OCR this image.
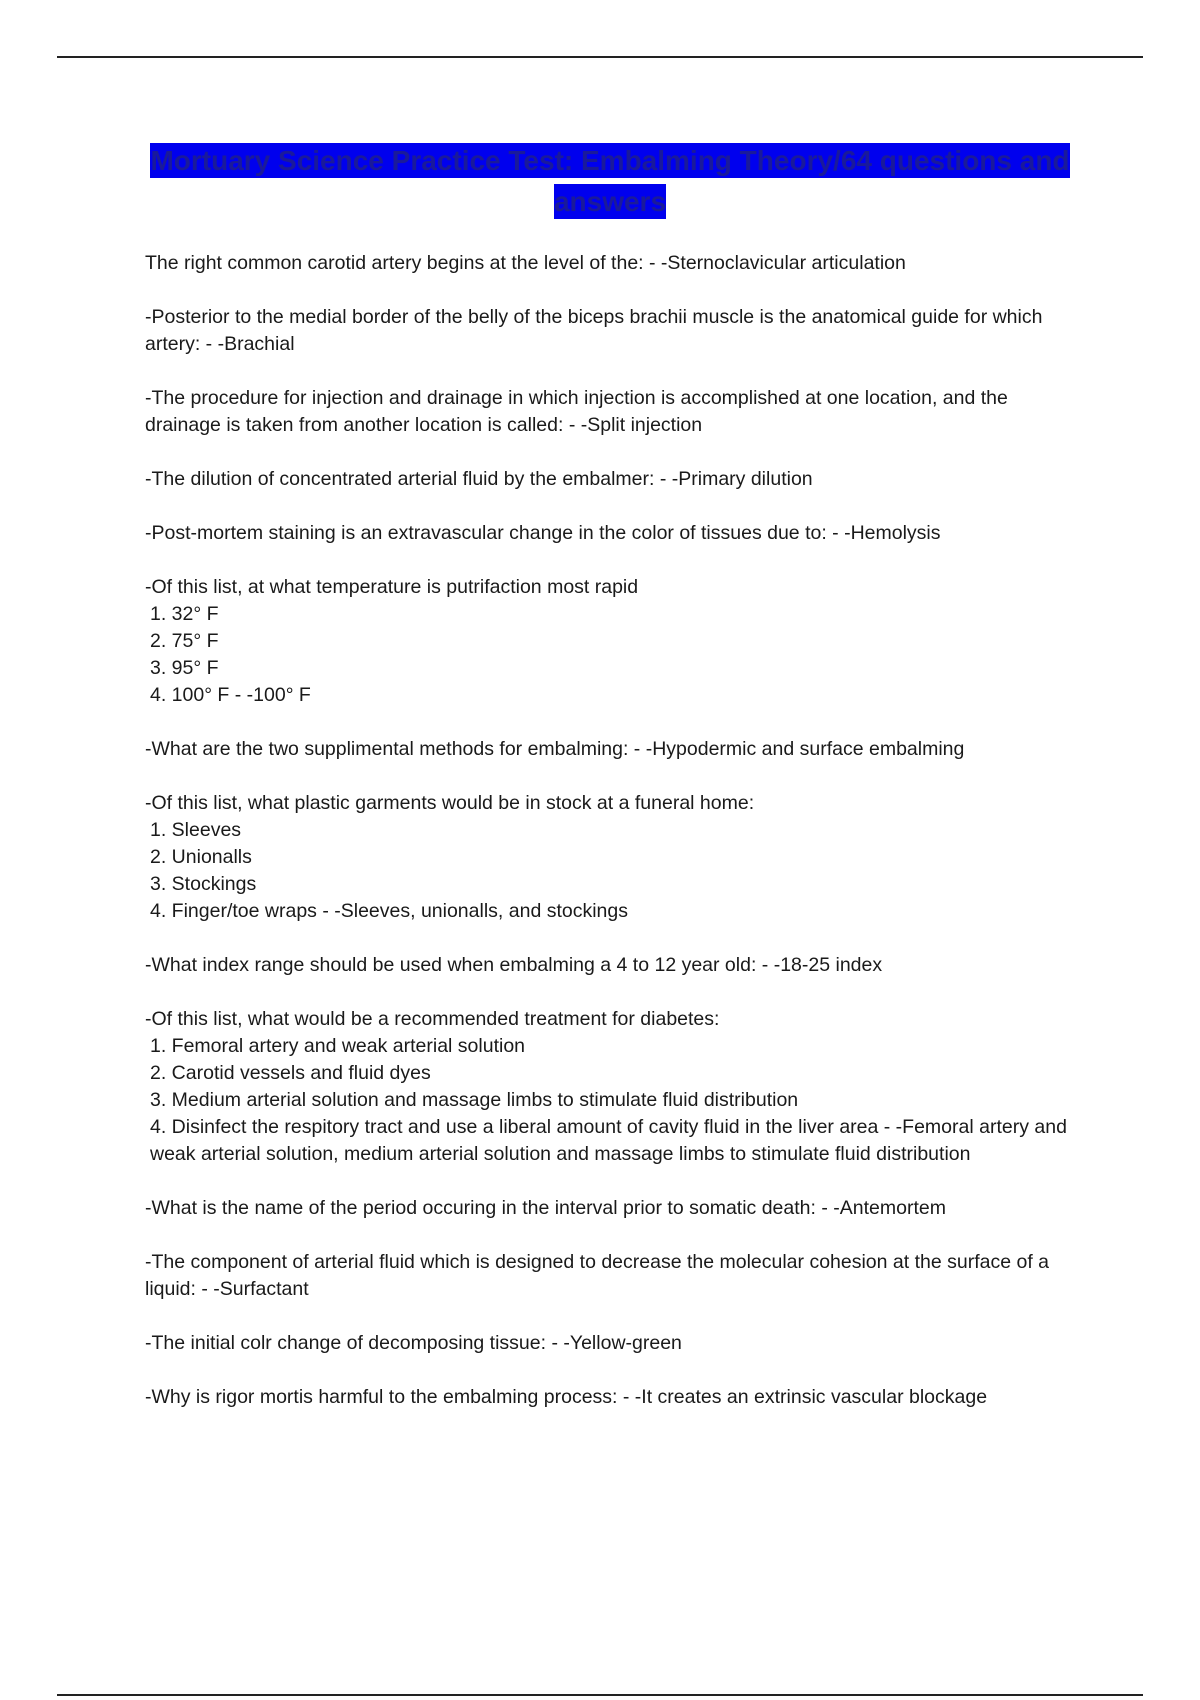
Mortuary Science Practice Test: Embalming Theory/64 questions and answers
The right common carotid artery begins at the level of the: - -Sternoclavicular articulation
-Posterior to the medial border of the belly of the biceps brachii muscle is the anatomical guide for which artery: - -Brachial
-The procedure for injection and drainage in which injection is accomplished at one location, and the drainage is taken from another location is called: - -Split injection
-The dilution of concentrated arterial fluid by the embalmer: - -Primary dilution
-Post-mortem staining is an extravascular change in the color of tissues due to: - -Hemolysis
-Of this list, at what temperature is putrifaction most rapid
1. 32° F
2. 75° F
3. 95° F
4. 100° F - -100° F
-What are the two supplimental methods for embalming: - -Hypodermic and surface embalming
-Of this list, what plastic garments would be in stock at a funeral home:
1. Sleeves
2. Unionalls
3. Stockings
4. Finger/toe wraps - -Sleeves, unionalls, and stockings
-What index range should be used when embalming a 4 to 12 year old: - -18-25 index
-Of this list, what would be a recommended treatment for diabetes:
1. Femoral artery and weak arterial solution
2. Carotid vessels and fluid dyes
3. Medium arterial solution and massage limbs to stimulate fluid distribution
4. Disinfect the respitory tract and use a liberal amount of cavity fluid in the liver area - -Femoral artery and weak arterial solution, medium arterial solution and massage limbs to stimulate fluid distribution
-What is the name of the period occuring in the interval prior to somatic death: - -Antemortem
-The component of arterial fluid which is designed to decrease the molecular cohesion at the surface of a liquid: - -Surfactant
-The initial colr change of decomposing tissue: - -Yellow-green
-Why is rigor mortis harmful to the embalming process: - -It creates an extrinsic vascular blockage
